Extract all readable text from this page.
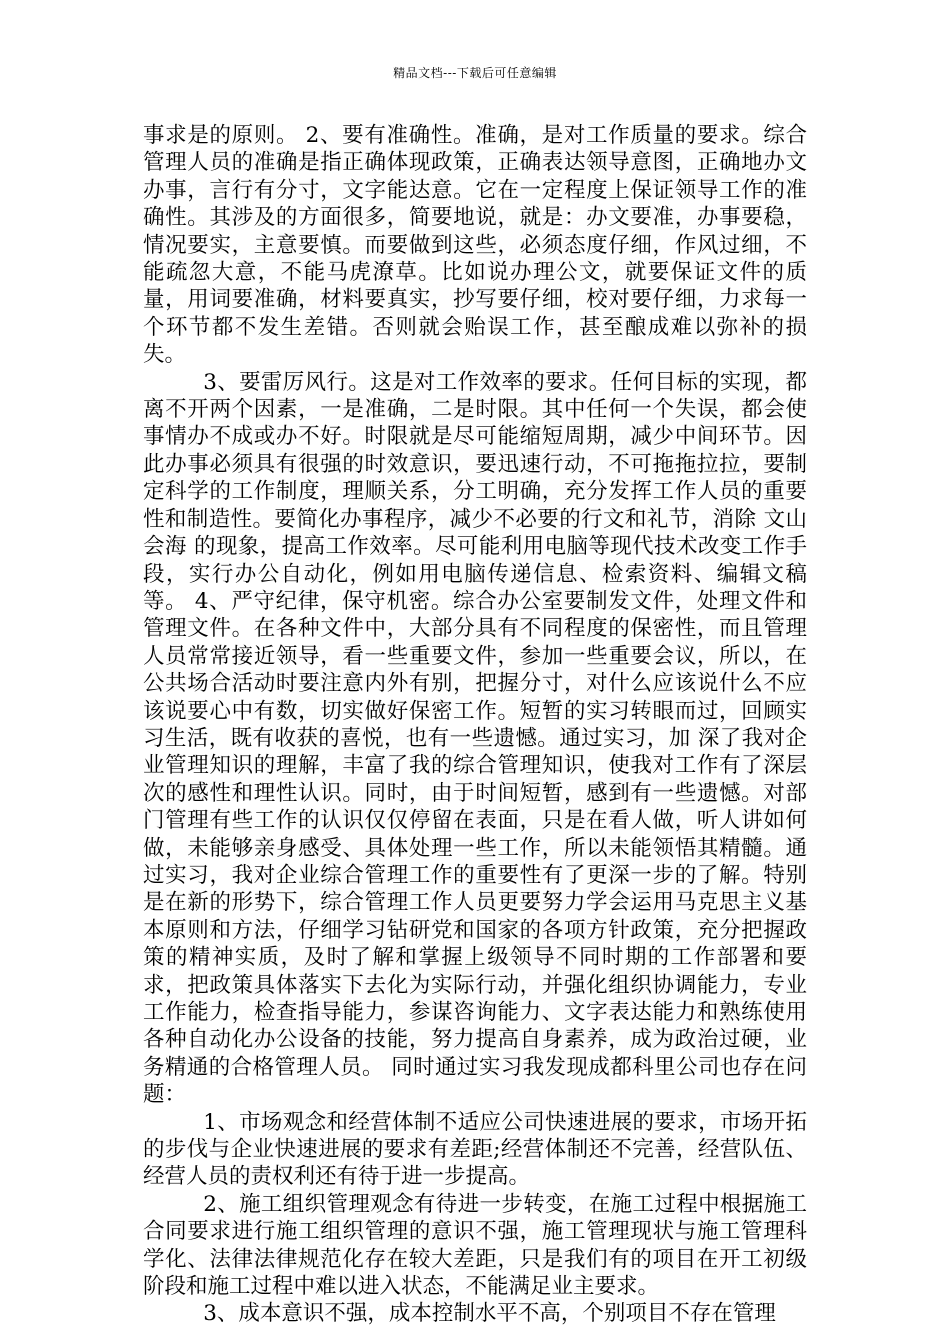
精品文档---下载后可任意编辑

事求是的原则。 2、要有准确性。准确，是对工作质量的要求。综合管理人员的准确是指正确体现政策，正确表达领导意图，正确地办文办事，言行有分寸，文字能达意。它在一定程度上保证领导工作的准确性。其涉及的方面很多，简要地说，就是：办文要准，办事要稳，情况要实，主意要慎。而要做到这些，必须态度仔细，作风过细，不能疏忽大意，不能马虎潦草。比如说办理公文，就要保证文件的质量，用词要准确，材料要真实，抄写要仔细，校对要仔细，力求每一个环节都不发生差错。否则就会贻误工作，甚至酿成难以弥补的损失。

3、要雷厉风行。这是对工作效率的要求。任何目标的实现，都离不开两个因素，一是准确，二是时限。其中任何一个失误，都会使事情办不成或办不好。时限就是尽可能缩短周期，减少中间环节。因此办事必须具有很强的时效意识，要迅速行动，不可拖拖拉拉，要制定科学的工作制度，理顺关系，分工明确，充分发挥工作人员的重要性和制造性。要简化办事程序，减少不必要的行文和礼节，消除 文山会海 的现象，提高工作效率。尽可能利用电脑等现代技术改变工作手段，实行办公自动化，例如用电脑传递信息、检索资料、编辑文稿等。 4、严守纪律，保守机密。综合办公室要制发文件，处理文件和管理文件。在各种文件中，大部分具有不同程度的保密性，而且管理人员常常接近领导，看一些重要文件，参加一些重要会议，所以，在公共场合活动时要注意内外有别，把握分寸，对什么应该说什么不应该说要心中有数，切实做好保密工作。短暂的实习转眼而过，回顾实习生活，既有收获的喜悦，也有一些遗憾。通过实习，加 深了我对企业管理知识的理解，丰富了我的综合管理知识，使我对工作有了深层次的感性和理性认识。同时，由于时间短暂，感到有一些遗憾。对部门管理有些工作的认识仅仅停留在表面，只是在看人做，听人讲如何做，未能够亲身感受、具体处理一些工作，所以未能领悟其精髓。通过实习，我对企业综合管理工作的重要性有了更深一步的了解。特别是在新的形势下，综合管理工作人员更要努力学会运用马克思主义基本原则和方法，仔细学习钻研党和国家的各项方针政策，充分把握政策的精神实质，及时了解和掌握上级领导不同时期的工作部署和要求，把政策具体落实下去化为实际行动，并强化组织协调能力，专业工作能力，检查指导能力，参谋咨询能力、文字表达能力和熟练使用各种自动化办公设备的技能，努力提高自身素养，成为政治过硬，业务精通的合格管理人员。 同时通过实习我发现成都科里公司也存在问题：

1、市场观念和经营体制不适应公司快速进展的要求，市场开拓的步伐与企业快速进展的要求有差距;经营体制还不完善，经营队伍、经营人员的责权利还有待于进一步提高。

2、施工组织管理观念有待进一步转变，在施工过程中根据施工合同要求进行施工组织管理的意识不强，施工管理现状与施工管理科学化、法律法律规范化存在较大差距，只是我们有的项目在开工初级阶段和施工过程中难以进入状态，不能满足业主要求。

3、成本意识不强，成本控制水平不高，个别项目不存在管理
